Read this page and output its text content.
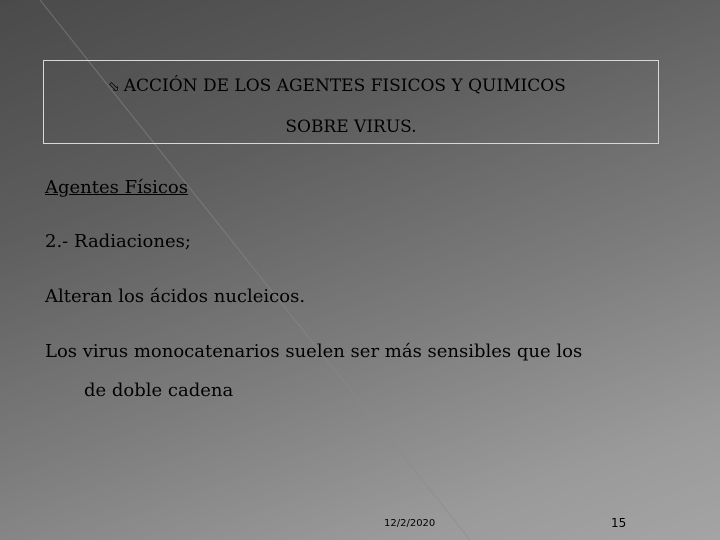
⬂ ACCIÓN DE LOS AGENTES FISICOS Y QUIMICOS
SOBRE VIRUS.
Agentes Físicos
2.- Radiaciones;
Alteran los ácidos nucleicos.
Los virus monocatenarios suelen ser más sensibles que los
de doble cadena
12/2/2020	15
